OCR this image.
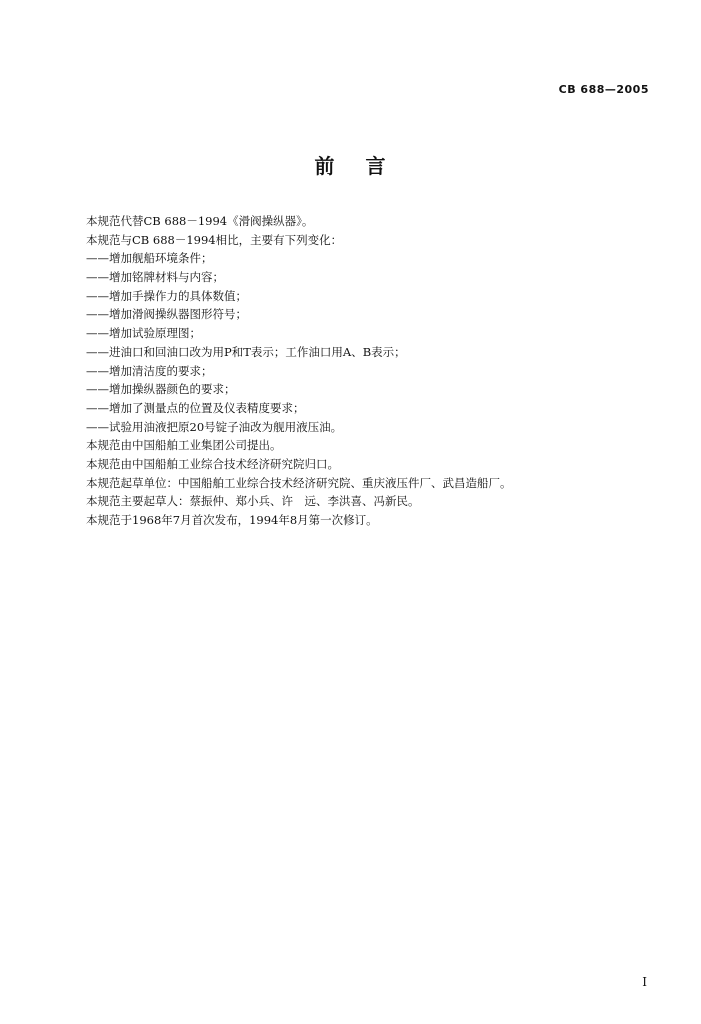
CB 688—2005
前 言
本规范代替CB 688－1994《滑阀操纵器》。
本规范与CB 688－1994相比，主要有下列变化：
——增加舰船环境条件；
——增加铭牌材料与内容；
——增加手操作力的具体数值；
——增加滑阀操纵器图形符号；
——增加试验原理图；
——进油口和回油口改为用P和T表示；工作油口用A、B表示；
——增加清洁度的要求；
——增加操纵器颜色的要求；
——增加了测量点的位置及仪表精度要求；
——试验用油液把原20号锭子油改为舰用液压油。
本规范由中国船舶工业集团公司提出。
本规范由中国船舶工业综合技术经济研究院归口。
本规范起草单位：中国船舶工业综合技术经济研究院、重庆液压件厂、武昌造船厂。
本规范主要起草人：蔡振仲、郑小兵、许　远、李洪喜、冯新民。
本规范于1968年7月首次发布，1994年8月第一次修订。
I
